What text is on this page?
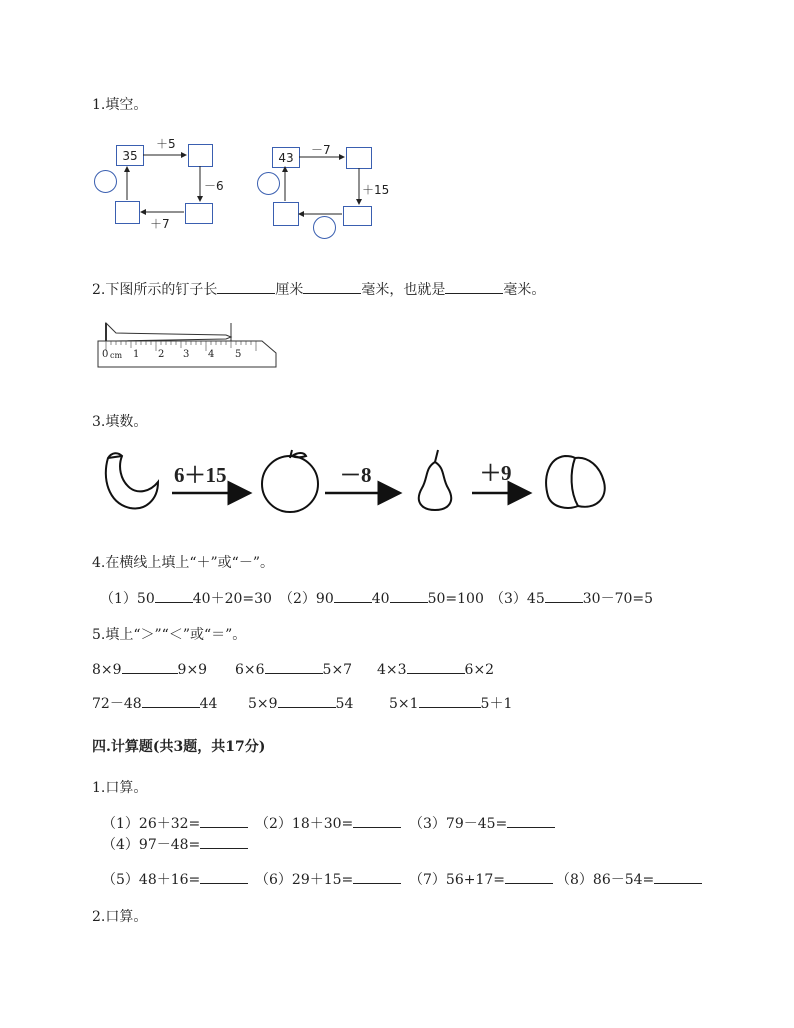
1.填空。
35
＋5
－6
＋7
43
－7
＋15
2.下图所示的钉子长	厘米	毫米，也就是	毫米。
0 cm 1 2 3 4 5
3.填数。
6＋15	－8	＋9
4.在横线上填上“＋”或“－”。
（1）50	40＋20=30 （2）90	40	50=100 （3）45	30－70=5
5.填上“＞”“＜”或“＝”。
8×9	9×9 6×6	5×7 4×3	6×2
72－48	44 5×9	54	5×1	5＋1
四.计算题(共3题，共17分)
1.口算。
（1）26＋32=	（2）18＋30=	（3）79－45=
（4）97－48=
（5）48＋16=	（6）29＋15=	（7）56+17=	（8）86－54=
2.口算。
